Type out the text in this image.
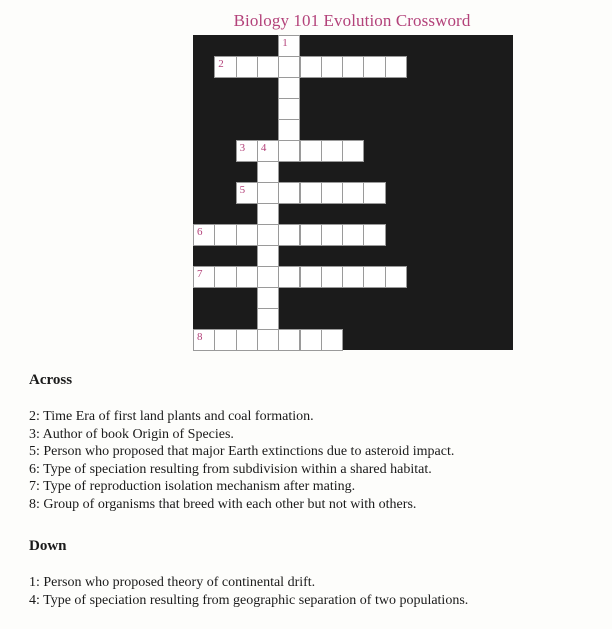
Biology 101 Evolution Crossword
1
2
3 4
5
6
7
8
Across
2: Time Era of first land plants and coal formation.
3: Author of book Origin of Species.
5: Person who proposed that major Earth extinctions due to asteroid impact.
6: Type of speciation resulting from subdivision within a shared habitat.
7: Type of reproduction isolation mechanism after mating.
8: Group of organisms that breed with each other but not with others.
Down
1: Person who proposed theory of continental drift.
4: Type of speciation resulting from geographic separation of two populations.
